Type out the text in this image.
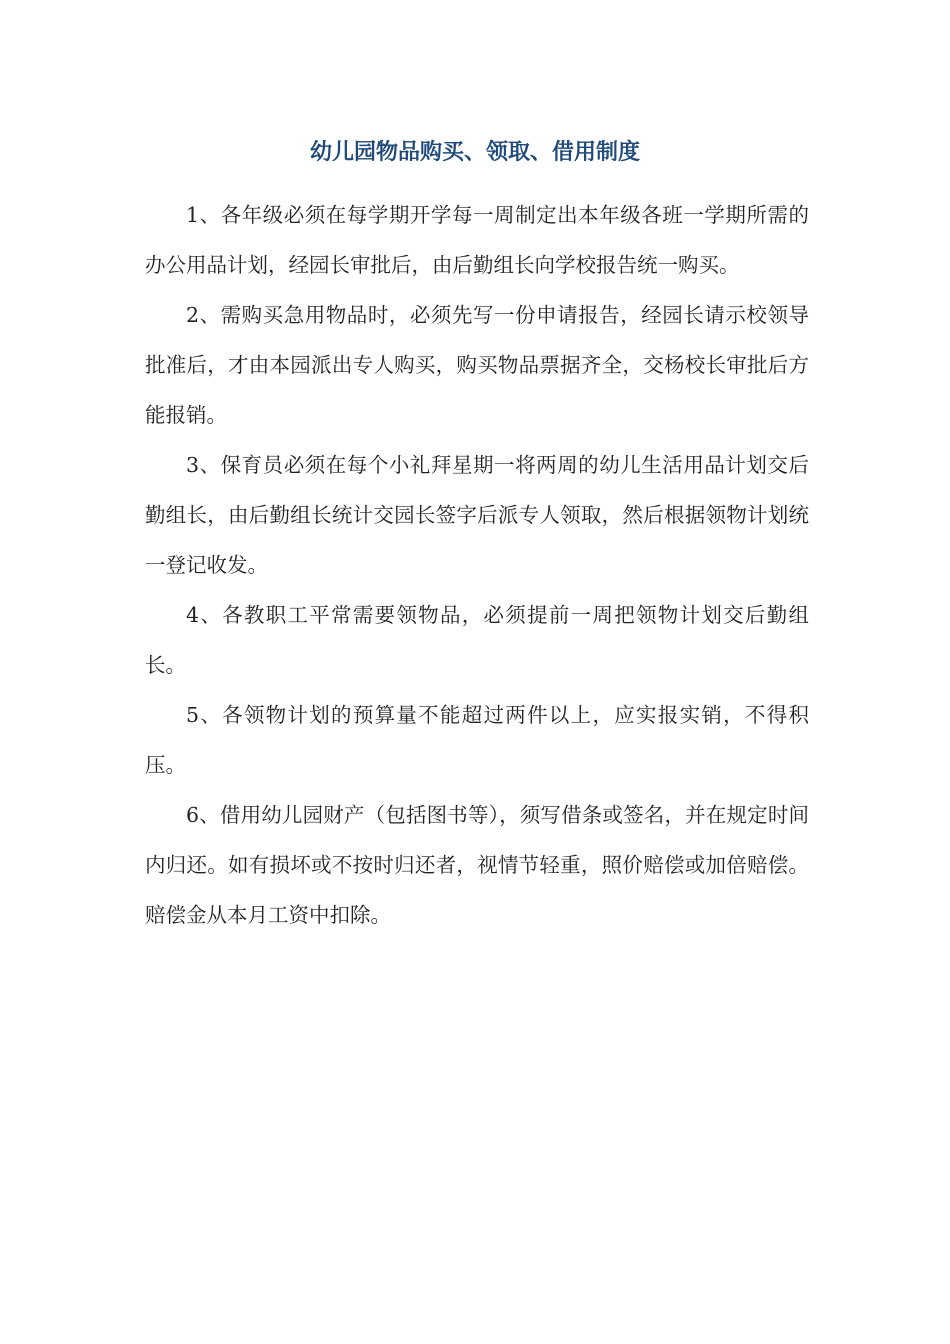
幼儿园物品购买、领取、借用制度

1、各年级必须在每学期开学每一周制定出本年级各班一学期所需的办公用品计划，经园长审批后，由后勤组长向学校报告统一购买。

2、需购买急用物品时，必须先写一份申请报告，经园长请示校领导批准后，才由本园派出专人购买，购买物品票据齐全，交杨校长审批后方能报销。

3、保育员必须在每个小礼拜星期一将两周的幼儿生活用品计划交后勤组长，由后勤组长统计交园长签字后派专人领取，然后根据领物计划统一登记收发。

4、各教职工平常需要领物品，必须提前一周把领物计划交后勤组长。

5、各领物计划的预算量不能超过两件以上，应实报实销，不得积压。

6、借用幼儿园财产（包括图书等），须写借条或签名，并在规定时间内归还。如有损坏或不按时归还者，视情节轻重，照价赔偿或加倍赔偿。赔偿金从本月工资中扣除。
